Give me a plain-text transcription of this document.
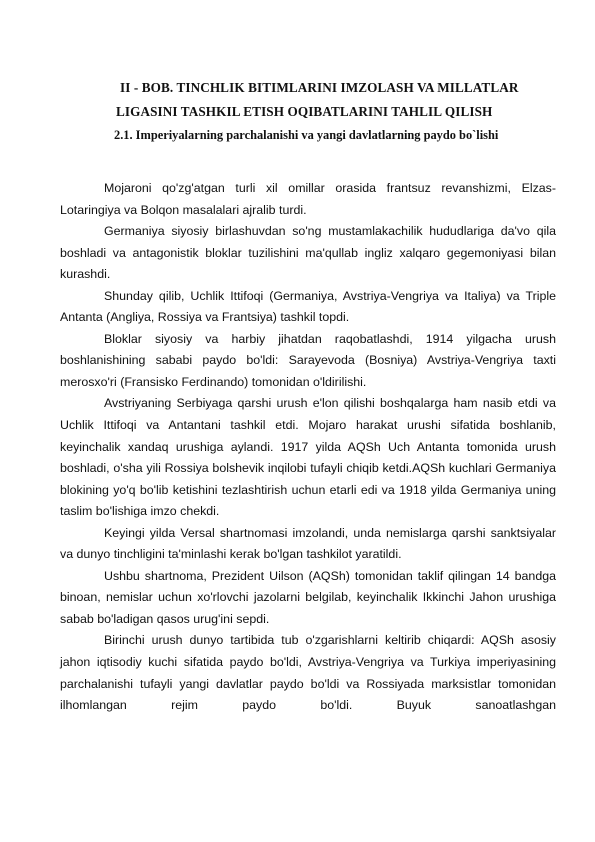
II - BOB. TINCHLIK BITIMLARINI IMZOLASH VA MILLATLAR
LIGASINI TASHKIL ETISH OQIBATLARINI TAHLIL QILISH
2.1. Imperiyalarning parchalanishi va yangi davlatlarning paydo bo`lishi

Mojaroni qo'zg'atgan turli xil omillar orasida frantsuz revanshizmi, Elzas-Lotaringiya va Bolqon masalalari ajralib turdi.

Germaniya siyosiy birlashuvdan so'ng mustamlakachilik hududlariga da'vo qila boshladi va antagonistik bloklar tuzilishini ma'qullab ingliz xalqaro gegemoniyasi bilan kurashdi.

Shunday qilib, Uchlik Ittifoqi (Germaniya, Avstriya-Vengriya va Italiya) va Triple Antanta (Angliya, Rossiya va Frantsiya) tashkil topdi.

Bloklar siyosiy va harbiy jihatdan raqobatlashdi, 1914 yilgacha urush boshlanishining sababi paydo bo'ldi: Sarayevoda (Bosniya) Avstriya-Vengriya taxti merosxo'ri (Fransisko Ferdinando) tomonidan o'ldirilishi.

Avstriyaning Serbiyaga qarshi urush e'lon qilishi boshqalarga ham nasib etdi va Uchlik Ittifoqi va Antantani tashkil etdi. Mojaro harakat urushi sifatida boshlanib, keyinchalik xandaq urushiga aylandi. 1917 yilda AQSh Uch Antanta tomonida urush boshladi, o'sha yili Rossiya bolshevik inqilobi tufayli chiqib ketdi.AQSh kuchlari Germaniya blokining yo'q bo'lib ketishini tezlashtirish uchun etarli edi va 1918 yilda Germaniya uning taslim bo'lishiga imzo chekdi.

Keyingi yilda Versal shartnomasi imzolandi, unda nemislarga qarshi sanktsiyalar va dunyo tinchligini ta'minlashi kerak bo'lgan tashkilot yaratildi.

Ushbu shartnoma, Prezident Uilson (AQSh) tomonidan taklif qilingan 14 bandga binoan, nemislar uchun xo'rlovchi jazolarni belgilab, keyinchalik Ikkinchi Jahon urushiga sabab bo'ladigan qasos urug'ini sepdi.

Birinchi urush dunyo tartibida tub o'zgarishlarni keltirib chiqardi: AQSh asosiy jahon iqtisodiy kuchi sifatida paydo bo'ldi, Avstriya-Vengriya va Turkiya imperiyasining parchalanishi tufayli yangi davlatlar paydo bo'ldi va Rossiyada marksistlar tomonidan ilhomlangan rejim paydo bo'ldi. Buyuk sanoatlashgan
